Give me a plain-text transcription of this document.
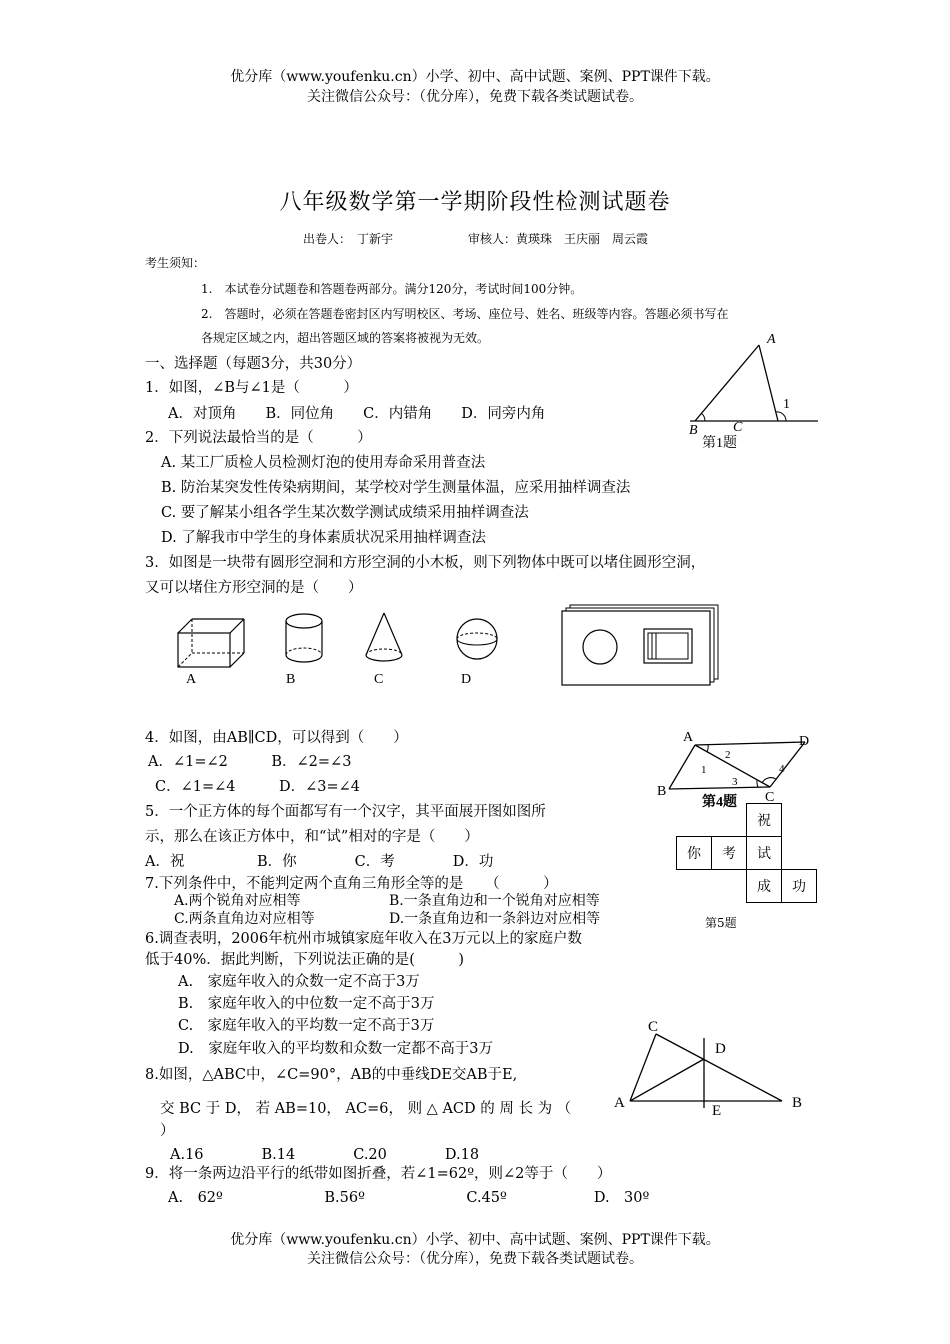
优分库（www.youfenku.cn）小学、初中、高中试题、案例、PPT课件下载。
关注微信公众号：（优分库），免费下载各类试题试卷。
八年级数学第一学期阶段性检测试题卷
出卷人：　丁新宇	审核人：黄瑛珠　王庆丽　周云霞
考生须知：
1.　本试卷分试题卷和答题卷两部分。满分120分，考试时间100分钟。
2.　答题时，必须在答题卷密封区内写明校区、考场、座位号、姓名、班级等内容。答题必须书写在
各规定区域之内，超出答题区域的答案将被视为无效。
一、选择题（每题3分，共30分）
1．如图，∠B与∠1是（　　　）
A．对顶角　　B．同位角　　C．内错角　　D．同旁内角
A
B	C
1
第1题
2．下列说法最恰当的是（　　　）
A. 某工厂质检人员检测灯泡的使用寿命采用普查法
B. 防治某突发性传染病期间，某学校对学生测量体温，应采用抽样调查法
C. 要了解某小组各学生某次数学测试成绩采用抽样调查法
D. 了解我市中学生的身体素质状况采用抽样调查法
3．如图是一块带有圆形空洞和方形空洞的小木板，则下列物体中既可以堵住圆形空洞，
又可以堵住方形空洞的是（　　）
A	B	C	D
4．如图，由AB∥CD，可以得到（　　）
A．∠1=∠2　　　B．∠2=∠3
C．∠1=∠4　　　D．∠3=∠4
A
B	C
D
1
2
3
4
第4题
5．一个正方体的每个面都写有一个汉字，其平面展开图如图所
示，那么在该正方体中，和“试”相对的字是（　　）
A．祝　　　　　B．你　　　　C．考　　　　D．功
		祝	
你	考	试	
		成	功
第5题
7.下列条件中，不能判定两个直角三角形全等的是　　（　　　）
A.两个锐角对应相等	B.一条直角边和一个锐角对应相等
C.两条直角边对应相等	D.一条直角边和一条斜边对应相等
6.调查表明，2006年杭州市城镇家庭年收入在3万元以上的家庭户数
低于40%．据此判断，下列说法正确的是(　　　)
A.　家庭年收入的众数一定不高于3万
B.　家庭年收入的中位数一定不高于3万
C.　家庭年收入的平均数一定不高于3万
D.　家庭年收入的平均数和众数一定都不高于3万
8.如图，△ABC中，∠C=90°，AB的中垂线DE交AB于E,
交 BC 于 D， 若 AB=10， AC=6， 则 △ ACD 的 周 长 为 （
）
A.16　　　　B.14　　　　C.20　　　　D.18
C
D
A	E	B
9．将一条两边沿平行的纸带如图折叠，若∠1=62º，则∠2等于（　　）
A.　62º　　　　　　　B.56º　　　　　　　C.45º　　　　　　D.　30º
优分库（www.youfenku.cn）小学、初中、高中试题、案例、PPT课件下载。
关注微信公众号：（优分库），免费下载各类试题试卷。
